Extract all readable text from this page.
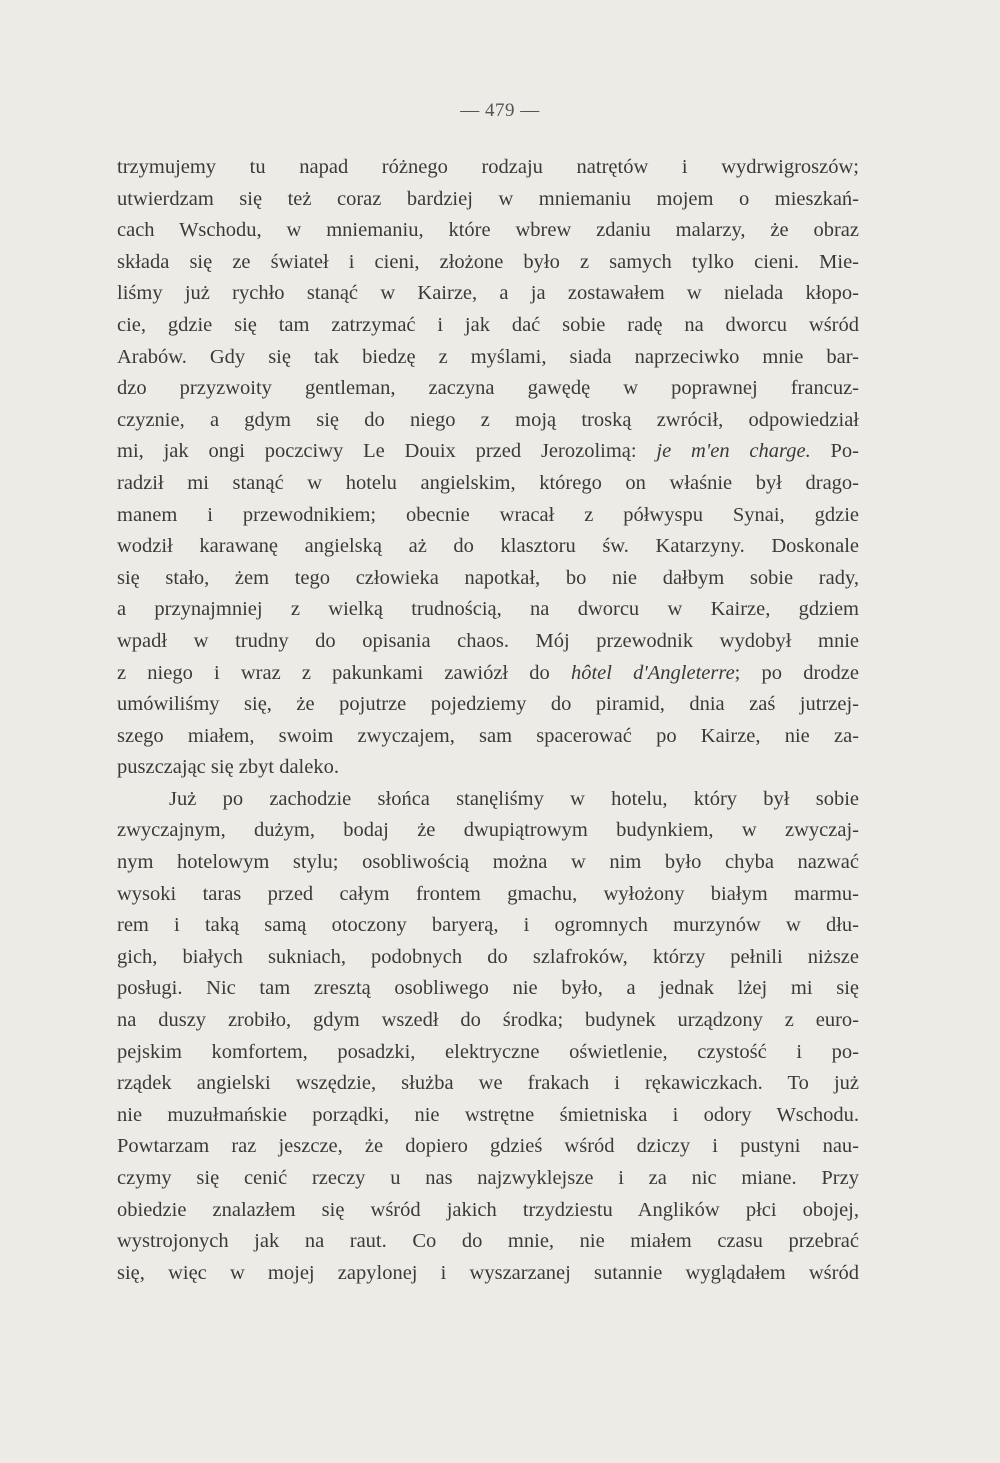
— 479 —
trzymujemy tu napad różnego rodzaju natrętów i wydrwigroszów;
utwierdzam się też coraz bardziej w mniemaniu mojem o mieszkań-
cach Wschodu, w mniemaniu, które wbrew zdaniu malarzy, że obraz
składa się ze świateł i cieni, złożone było z samych tylko cieni. Mie-
liśmy już rychło stanąć w Kairze, a ja zostawałem w nielada kłopo-
cie, gdzie się tam zatrzymać i jak dać sobie radę na dworcu wśród
Arabów. Gdy się tak biedzę z myślami, siada naprzeciwko mnie bar-
dzo przyzwoity gentleman, zaczyna gawędę w poprawnej francuz-
czyznie, a gdym się do niego z moją troską zwrócił, odpowiedział
mi, jak ongi poczciwy Le Douix przed Jerozolimą: je m'en charge. Po-
radził mi stanąć w hotelu angielskim, którego on właśnie był drago-
manem i przewodnikiem; obecnie wracał z półwyspu Synai, gdzie
wodził karawanę angielską aż do klasztoru św. Katarzyny. Doskonale
się stało, żem tego człowieka napotkał, bo nie dałbym sobie rady,
a przynajmniej z wielką trudnością, na dworcu w Kairze, gdziem
wpadł w trudny do opisania chaos. Mój przewodnik wydobył mnie
z niego i wraz z pakunkami zawiózł do hôtel d'Angleterre; po drodze
umówiliśmy się, że pojutrze pojedziemy do piramid, dnia zaś jutrzej-
szego miałem, swoim zwyczajem, sam spacerować po Kairze, nie za-
puszczając się zbyt daleko.
Już po zachodzie słońca stanęliśmy w hotelu, który był sobie
zwyczajnym, dużym, bodaj że dwupiątrowym budynkiem, w zwyczaj-
nym hotelowym stylu; osobliwością można w nim było chyba nazwać
wysoki taras przed całym frontem gmachu, wyłożony białym marmu-
rem i taką samą otoczony baryerą, i ogromnych murzynów w dłu-
gich, białych sukniach, podobnych do szlafroków, którzy pełnili niższe
posługi. Nic tam zresztą osobliwego nie było, a jednak lżej mi się
na duszy zrobiło, gdym wszedł do środka; budynek urządzony z euro-
pejskim komfortem, posadzki, elektryczne oświetlenie, czystość i po-
rządek angielski wszędzie, służba we frakach i rękawiczkach. To już
nie muzułmańskie porządki, nie wstrętne śmietniska i odory Wschodu.
Powtarzam raz jeszcze, że dopiero gdzieś wśród dziczy i pustyni nau-
czymy się cenić rzeczy u nas najzwyklejsze i za nic miane. Przy
obiedzie znalazłem się wśród jakich trzydziestu Anglików płci obojej,
wystrojonych jak na raut. Co do mnie, nie miałem czasu przebrać
się, więc w mojej zapylonej i wyszarzanej sutannie wyglądałem wśród
